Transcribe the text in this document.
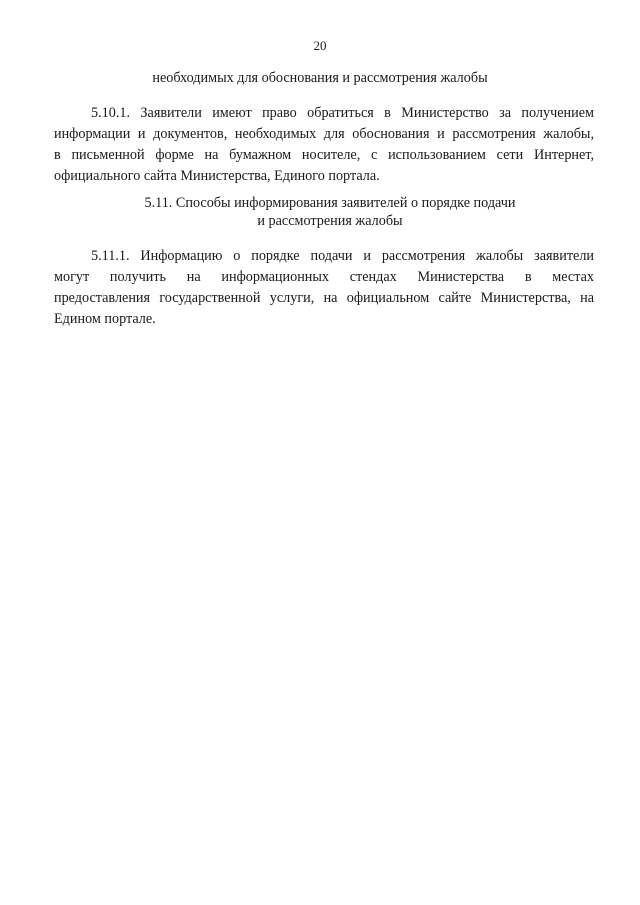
20
необходимых для обоснования и рассмотрения жалобы
5.10.1. Заявители имеют право обратиться в Министерство за получением
информации и документов, необходимых для обоснования и рассмотрения жалобы,
в письменной форме на бумажном носителе, с использованием сети Интернет,
официального сайта Министерства, Единого портала.
5.11. Способы информирования заявителей о порядке подачи
и рассмотрения жалобы
5.11.1. Информацию о порядке подачи и рассмотрения жалобы заявители
могут получить на информационных стендах Министерства в местах
предоставления государственной услуги, на официальном сайте Министерства, на
Едином портале.
